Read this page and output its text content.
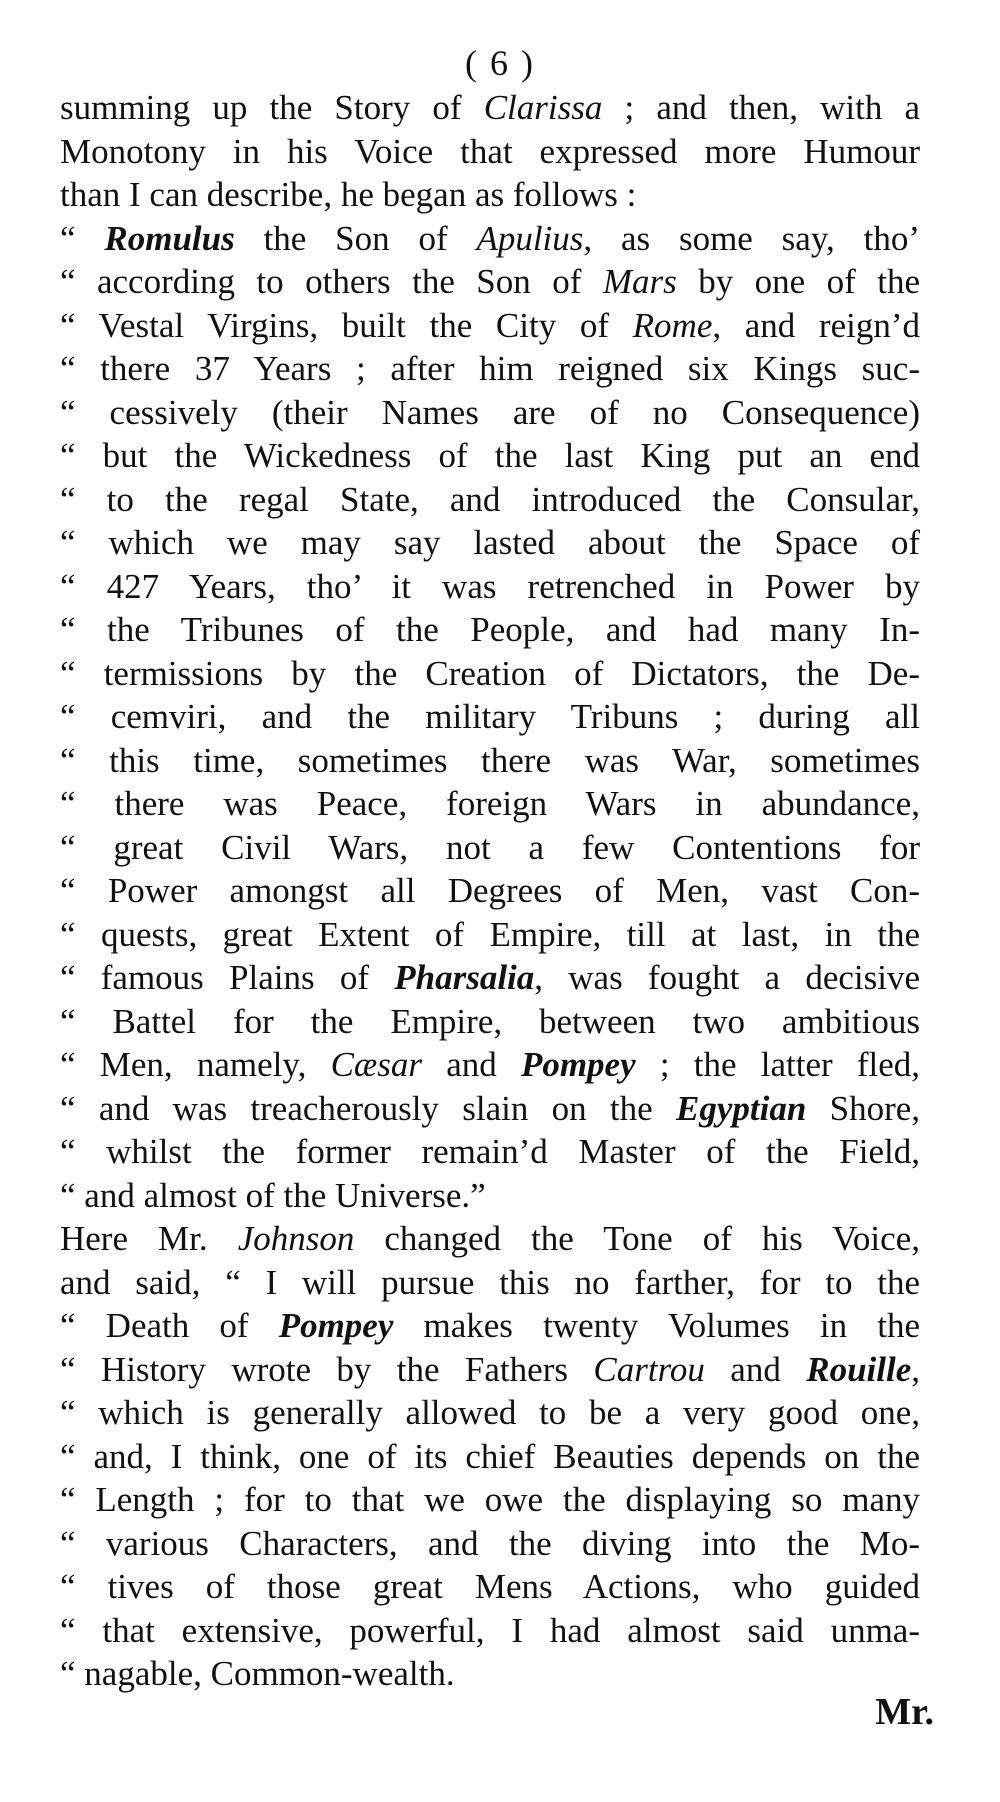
( 6 )
summing up the Story of Clarissa ; and then, with a
Monotony in his Voice that expressed more Humour
than I can describe, he began as follows :
“ Romulus the Son of Apulius, as some say, tho’
“ according to others the Son of Mars by one of the
“ Vestal Virgins, built the City of Rome, and reign’d
“ there 37 Years ; after him reigned six Kings suc-
“ cessively (their Names are of no Consequence)
“ but the Wickedness of the last King put an end
“ to the regal State, and introduced the Consular,
“ which we may say lasted about the Space of
“ 427 Years, tho’ it was retrenched in Power by
“ the Tribunes of the People, and had many In-
“ termissions by the Creation of Dictators, the De-
“ cemviri, and the military Tribuns ; during all
“ this time, sometimes there was War, sometimes
“ there was Peace, foreign Wars in abundance,
“ great Civil Wars, not a few Contentions for
“ Power amongst all Degrees of Men, vast Con-
“ quests, great Extent of Empire, till at last, in the
“ famous Plains of Pharsalia, was fought a decisive
“ Battel for the Empire, between two ambitious
“ Men, namely, Cæsar and Pompey ; the latter fled,
“ and was treacherously slain on the Egyptian Shore,
“ whilst the former remain’d Master of the Field,
“ and almost of the Universe.”
Here Mr. Johnson changed the Tone of his Voice,
and said, “ I will pursue this no farther, for to the
“ Death of Pompey makes twenty Volumes in the
“ History wrote by the Fathers Cartrou and Rouille,
“ which is generally allowed to be a very good one,
“ and, I think, one of its chief Beauties depends on the
“ Length ; for to that we owe the displaying so many
“ various Characters, and the diving into the Mo-
“ tives of those great Mens Actions, who guided
“ that extensive, powerful, I had almost said unma-
“ nagable, Common-wealth.
Mr.
